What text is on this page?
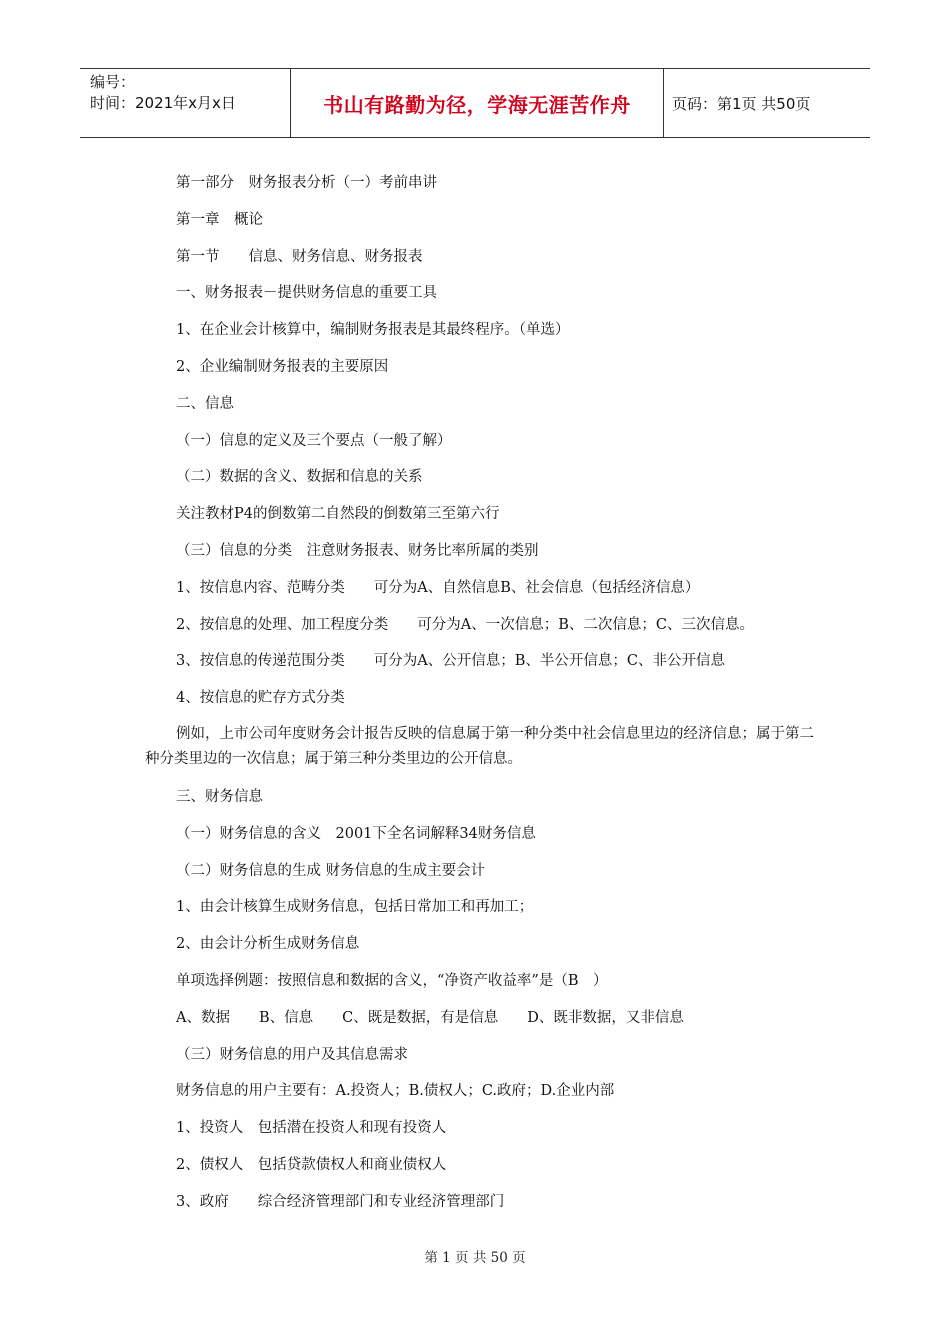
编号：
时间：2021年x月x日	书山有路勤为径，学海无涯苦作舟	页码：第1页 共50页
第一部分　财务报表分析（一）考前串讲
第一章　概论
第一节　　信息、财务信息、财务报表
一、财务报表－提供财务信息的重要工具
1、在企业会计核算中，编制财务报表是其最终程序。（单选）
2、企业编制财务报表的主要原因
二、信息
（一）信息的定义及三个要点（一般了解）
（二）数据的含义、数据和信息的关系
关注教材P4的倒数第二自然段的倒数第三至第六行
（三）信息的分类　注意财务报表、财务比率所属的类别
1、按信息内容、范畴分类　　可分为A、自然信息B、社会信息（包括经济信息）
2、按信息的处理、加工程度分类　　可分为A、一次信息；B、二次信息；C、三次信息。
3、按信息的传递范围分类　　可分为A、公开信息；B、半公开信息；C、非公开信息
4、按信息的贮存方式分类
例如，上市公司年度财务会计报告反映的信息属于第一种分类中社会信息里边的经济信息；属于第二种分类里边的一次信息；属于第三种分类里边的公开信息。
三、财务信息
（一）财务信息的含义　2001下全名词解释34财务信息
（二）财务信息的生成 财务信息的生成主要会计
1、由会计核算生成财务信息，包括日常加工和再加工；
2、由会计分析生成财务信息
单项选择例题：按照信息和数据的含义，“净资产收益率”是（B　）
A、数据　　B、信息　　C、既是数据，有是信息　　D、既非数据，又非信息
（三）财务信息的用户及其信息需求
财务信息的用户主要有：A.投资人；B.债权人；C.政府；D.企业内部
1、投资人　包括潜在投资人和现有投资人
2、债权人　包括贷款债权人和商业债权人
3、政府　　综合经济管理部门和专业经济管理部门
第 1 页 共 50 页
